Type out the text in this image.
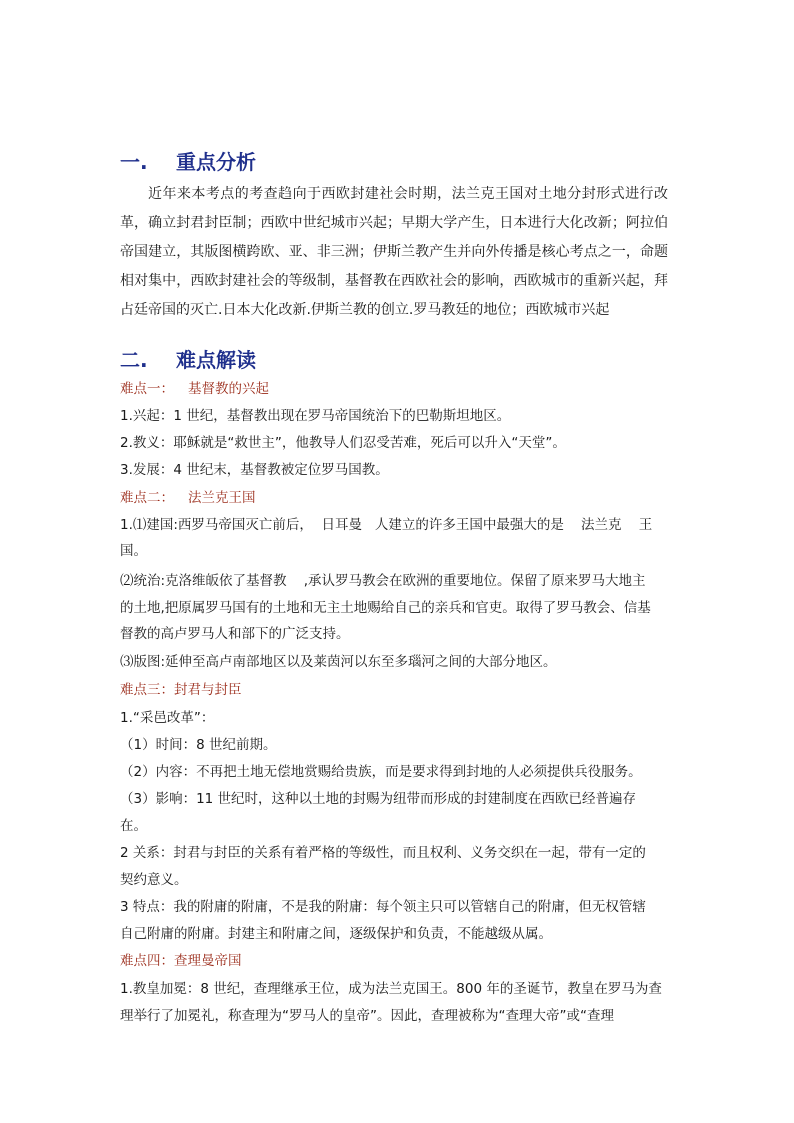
一. 重点分析
近年来本考点的考查趋向于西欧封建社会时期，法兰克王国对土地分封形式进行改革，确立封君封臣制；西欧中世纪城市兴起；早期大学产生，日本进行大化改新；阿拉伯帝国建立，其版图横跨欧、亚、非三洲；伊斯兰教产生并向外传播是核心考点之一，命题相对集中，西欧封建社会的等级制，基督教在西欧社会的影响，西欧城市的重新兴起，拜占廷帝国的灭亡.日本大化改新.伊斯兰教的创立.罗马教廷的地位；西欧城市兴起
二. 难点解读
难点一： 基督教的兴起
1.兴起：1 世纪，基督教出现在罗马帝国统治下的巴勒斯坦地区。
2.教义：耶稣就是“救世主”，他教导人们忍受苦难，死后可以升入“天堂”。
3.发展：4 世纪末，基督教被定位罗马国教。
难点二： 法兰克王国
1.⑴建国:西罗马帝国灭亡前后，  日耳曼   人建立的许多王国中最强大的是    法兰克    王
国。
⑵统治:克洛维皈依了基督教    ,承认罗马教会在欧洲的重要地位。保留了原来罗马大地主
的土地,把原属罗马国有的土地和无主土地赐给自己的亲兵和官吏。取得了罗马教会、信基
督教的高卢罗马人和部下的广泛支持。
⑶版图:延伸至高卢南部地区以及莱茵河以东至多瑙河之间的大部分地区。
难点三：封君与封臣
1.“采邑改革”：
（1）时间：8 世纪前期。
（2）内容：不再把土地无偿地赏赐给贵族，而是要求得到封地的人必须提供兵役服务。
（3）影响：11 世纪时，这种以土地的封赐为纽带而形成的封建制度在西欧已经普遍存
在。
2 关系：封君与封臣的关系有着严格的等级性，而且权利、义务交织在一起，带有一定的
契约意义。
3 特点：我的附庸的附庸，不是我的附庸：每个领主只可以管辖自己的附庸，但无权管辖
自己附庸的附庸。封建主和附庸之间，逐级保护和负责，不能越级从属。
难点四：查理曼帝国
1.教皇加冕：8 世纪，查理继承王位，成为法兰克国王。800 年的圣诞节，教皇在罗马为查
理举行了加冕礼，称查理为“罗马人的皇帝”。因此，查理被称为“查理大帝”或“查理
